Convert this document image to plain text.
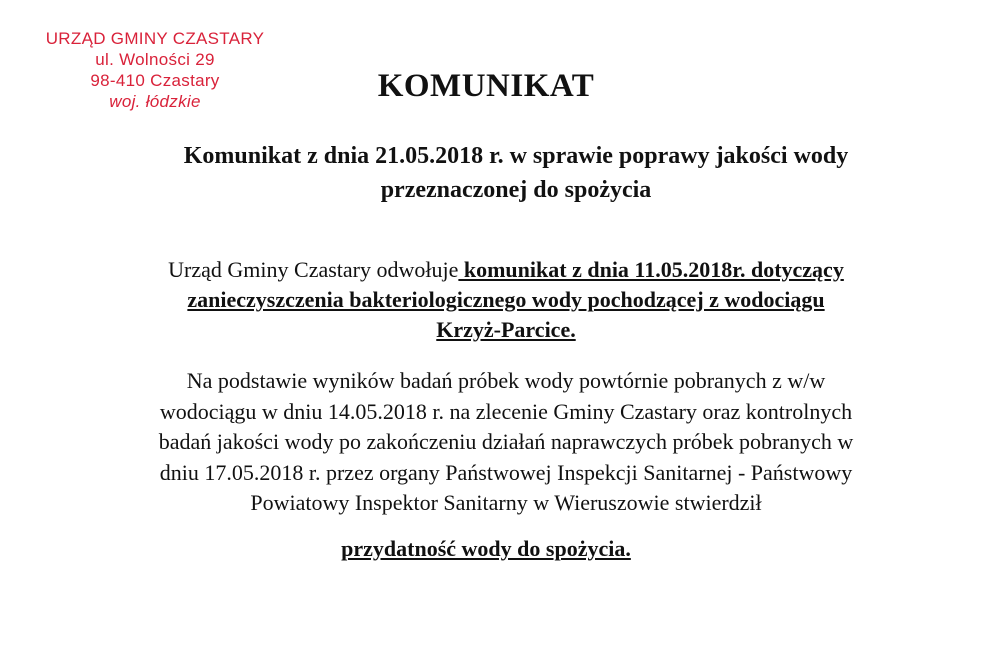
URZĄD GMINY CZASTARY
ul. Wolności 29
98-410 Czastary
woj. łódzkie	KOMUNIKAT
Komunikat z dnia 21.05.2018 r. w sprawie poprawy jakości wody
przeznaczonej do spożycia

Urząd Gminy Czastary odwołuje komunikat z dnia 11.05.2018r. dotyczący
zanieczyszczenia bakteriologicznego wody pochodzącej z wodociągu
Krzyż-Parcice.

Na podstawie wyników badań próbek wody powtórnie pobranych z w/w
wodociągu w dniu 14.05.2018 r. na zlecenie Gminy Czastary oraz kontrolnych
badań jakości wody po zakończeniu działań naprawczych próbek pobranych w
dniu 17.05.2018 r. przez organy Państwowej Inspekcji Sanitarnej - Państwowy
Powiatowy Inspektor Sanitarny w Wieruszowie stwierdził

przydatność wody do spożycia.
